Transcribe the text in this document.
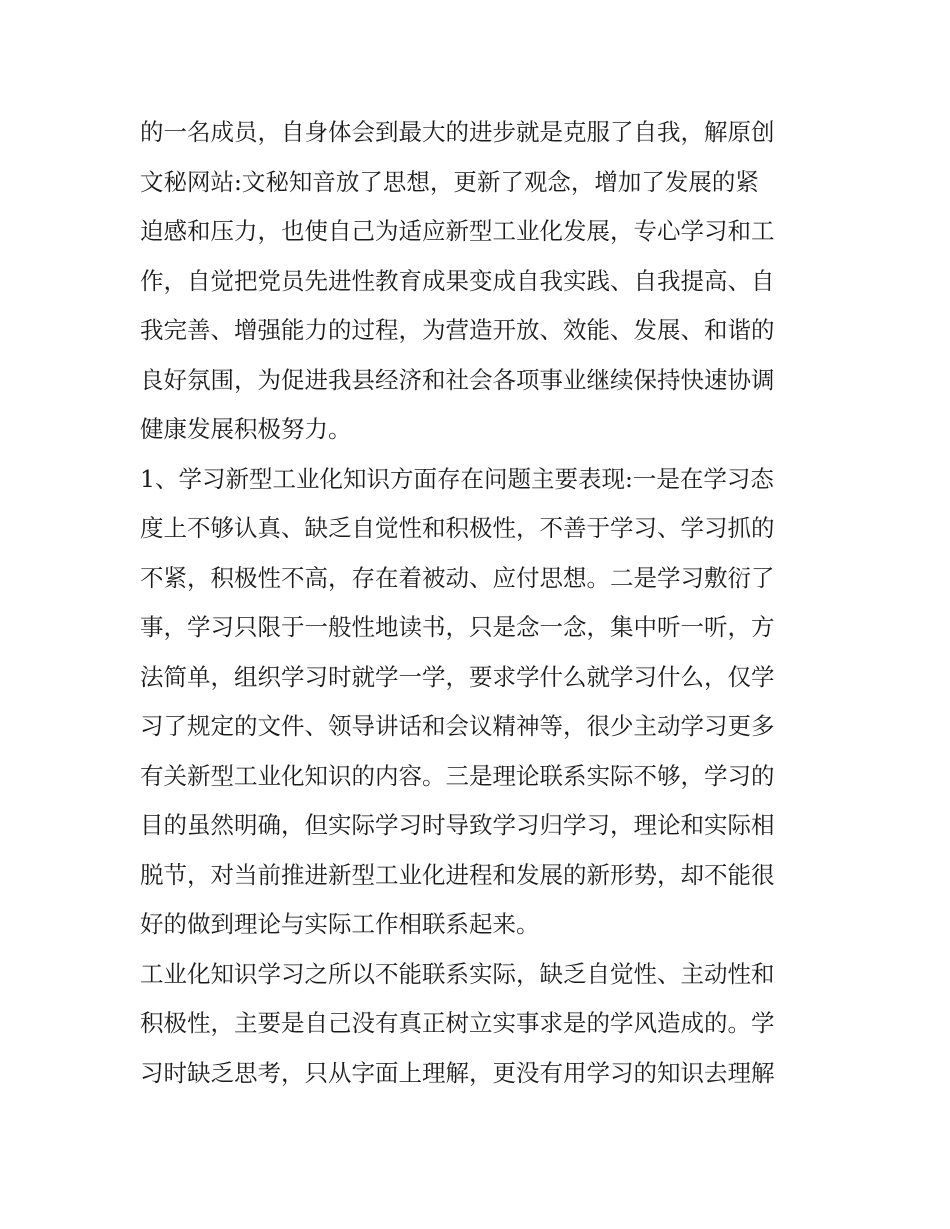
的一名成员，自身体会到最大的进步就是克服了自我，解原创
文秘网站:文秘知音放了思想，更新了观念，增加了发展的紧
迫感和压力，也使自己为适应新型工业化发展，专心学习和工
作，自觉把党员先进性教育成果变成自我实践、自我提高、自
我完善、增强能力的过程，为营造开放、效能、发展、和谐的
良好氛围，为促进我县经济和社会各项事业继续保持快速协调
健康发展积极努力。
1、学习新型工业化知识方面存在问题主要表现:一是在学习态
度上不够认真、缺乏自觉性和积极性，不善于学习、学习抓的
不紧，积极性不高，存在着被动、应付思想。二是学习敷衍了
事，学习只限于一般性地读书，只是念一念，集中听一听，方
法简单，组织学习时就学一学，要求学什么就学习什么，仅学
习了规定的文件、领导讲话和会议精神等，很少主动学习更多
有关新型工业化知识的内容。三是理论联系实际不够，学习的
目的虽然明确，但实际学习时导致学习归学习，理论和实际相
脱节，对当前推进新型工业化进程和发展的新形势，却不能很
好的做到理论与实际工作相联系起来。
工业化知识学习之所以不能联系实际，缺乏自觉性、主动性和
积极性，主要是自己没有真正树立实事求是的学风造成的。学
习时缺乏思考，只从字面上理解，更没有用学习的知识去理解
